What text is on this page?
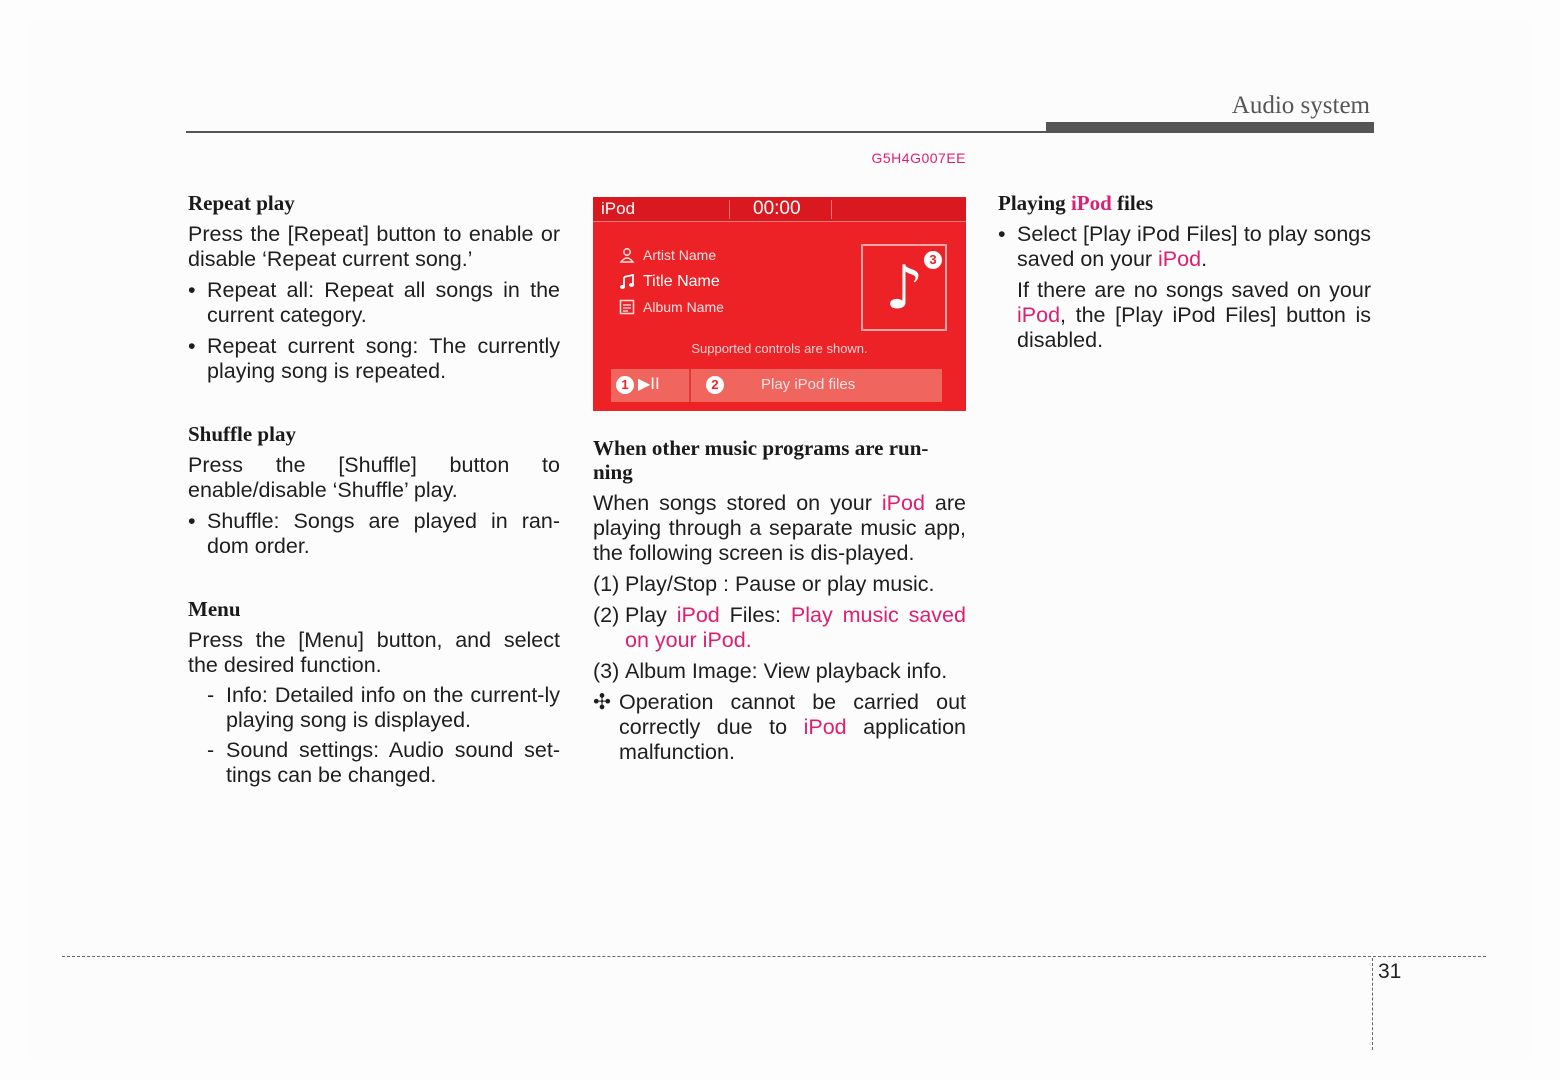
Audio system

Repeat play

Press the [Repeat] button to enable or disable ‘Repeat current song.’

• Repeat all: Repeat all songs in the current category.

• Repeat current song: The currently playing song is repeated.

Shuffle play

Press the [Shuffle] button to enable/disable ‘Shuffle’ play.

• Shuffle: Songs are played in ran-dom order.

Menu

Press the [Menu] button, and select the desired function.

- Info: Detailed info on the current-ly playing song is displayed.

- Sound settings: Audio sound set-tings can be changed.

G5H4G007EE
iPod	00:00
Artist Name
Title Name
Album Name	♪ 3
Supported controls are shown.
1 ▶II	2	Play iPod files

When other music programs are run-ning

When songs stored on your iPod are playing through a separate music app, the following screen is dis-played.

(1) Play/Stop : Pause or play music.

(2) Play iPod Files: Play music saved on your iPod.

(3) Album Image: View playback info.

✣ Operation cannot be carried out correctly due to iPod application malfunction.

Playing iPod files

• Select [Play iPod Files] to play songs saved on your iPod.

If there are no songs saved on your iPod, the [Play iPod Files] button is disabled.

31
